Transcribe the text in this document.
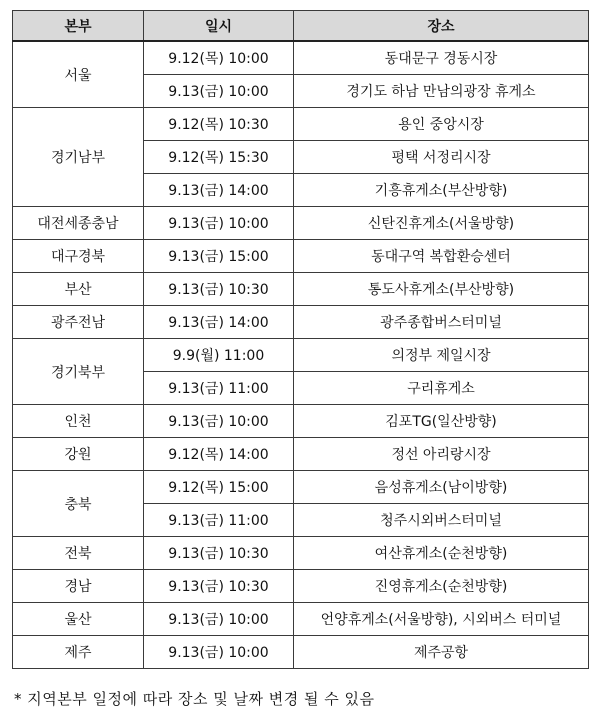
본부	일시	장소
서울	9.12(목) 10:00	동대문구 경동시장
	9.13(금) 10:00	경기도 하남 만남의광장 휴게소
경기남부	9.12(목) 10:30	용인 중앙시장
	9.12(목) 15:30	평택 서정리시장
	9.13(금) 14:00	기흥휴게소(부산방향)
대전세종충남	9.13(금) 10:00	신탄진휴게소(서울방향)
대구경북	9.13(금) 15:00	동대구역 복합환승센터
부산	9.13(금) 10:30	통도사휴게소(부산방향)
광주전남	9.13(금) 14:00	광주종합버스터미널
경기북부	9.9(월) 11:00	의정부 제일시장
	9.13(금) 11:00	구리휴게소
인천	9.13(금) 10:00	김포TG(일산방향)
강원	9.12(목) 14:00	정선 아리랑시장
충북	9.12(목) 15:00	음성휴게소(남이방향)
	9.13(금) 11:00	청주시외버스터미널
전북	9.13(금) 10:30	여산휴게소(순천방향)
경남	9.13(금) 10:30	진영휴게소(순천방향)
울산	9.13(금) 10:00	언양휴게소(서울방향), 시외버스 터미널
제주	9.13(금) 10:00	제주공항
* 지역본부 일정에 따라 장소 및 날짜 변경 될 수 있음
